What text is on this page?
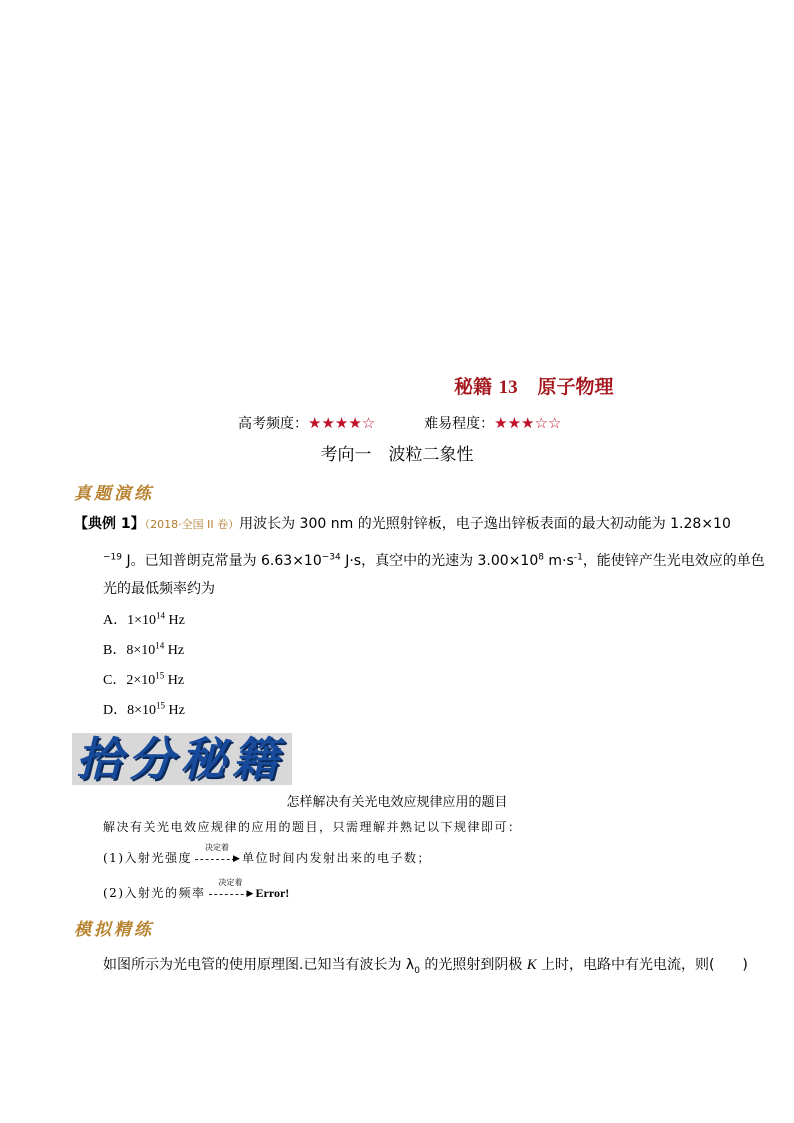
秘籍 13 原子物理
高考频度：★★★★☆	难易程度：★★★☆☆
考向一　波粒二象性
真题演练
【典例 1】（2018·全国 II 卷）用波长为 300 nm 的光照射锌板，电子逸出锌板表面的最大初动能为 1.28×10
$^{-19}$ J。已知普朗克常量为 $6.63\times 10^{-34}$ J·s，真空中的光速为 $3.00\times 10^8$ $m\cdot s^{-1}$，能使锌产生光电效应的单色
光的最低频率约为
A．$1\times 10^{14}$ Hz
B．$8\times 10^{14}$ Hz
C．$2\times 10^{15}$ Hz
D．$8\times 10^{15}$ Hz
拾分秘籍
怎样解决有关光电效应规律应用的题目
解决有关光电效应规律的应用的题目，只需理解并熟记以下规律即可：
(1)入射光强度
决定着
▶ 单位时间内发射出来的电子数；
(2)入射光的频率
决定着
▶ Error!
模拟精练
如图所示为光电管的使用原理图.已知当有波长为 $\lambda_0$ 的光照射到阴极 K 上时，电路中有光电流，则(　　)
